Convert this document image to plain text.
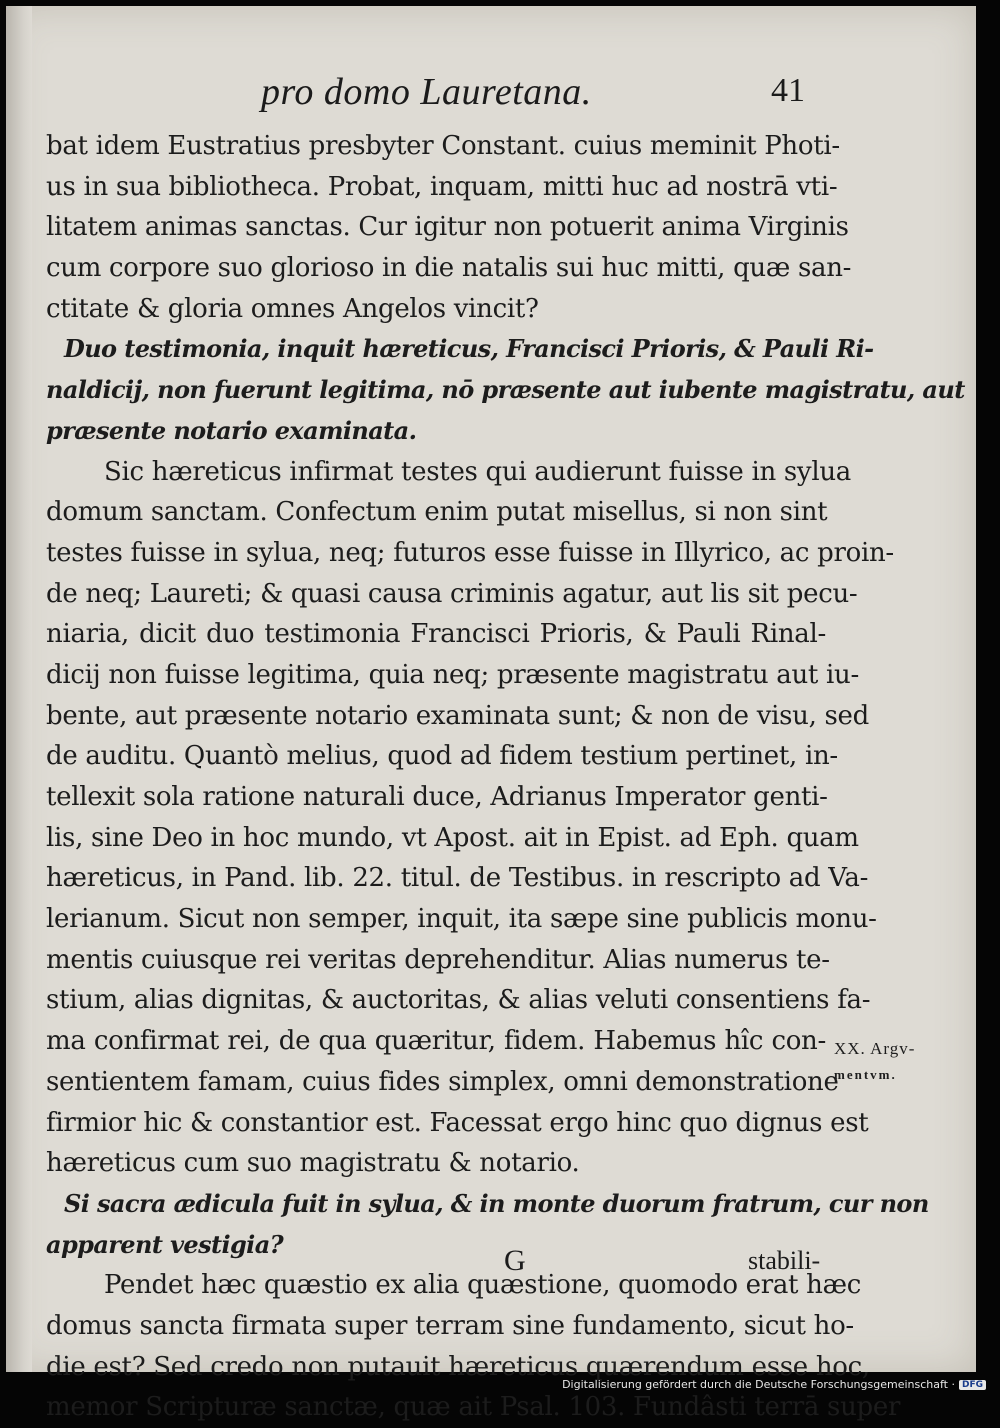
pro domo Lauretana.	41
bat idem Eustratius presbyter Constant. cuius meminit Photi-
us in sua bibliotheca. Probat, inquam, mitti huc ad nostrā vti-
litatem animas sanctas. Cur igitur non potuerit anima Virginis
cum corpore suo glorioso in die natalis sui huc mitti, quæ san-
ctitate & gloria omnes Angelos vincit?
Duo testimonia, inquit hæreticus, Francisci Prioris, & Pauli Ri-
naldicij, non fuerunt legitima, nō præsente aut iubente magistratu, aut
præsente notario examinata.
Sic hæreticus infirmat testes qui audierunt fuisse in sylua
domum sanctam. Confectum enim putat misellus, si non sint
testes fuisse in sylua, neq; futuros esse fuisse in Illyrico, ac proin-
de neq; Laureti; & quasi causa criminis agatur, aut lis sit pecu-
niaria, dicit duo testimonia Francisci Prioris, & Pauli Rinal-
dicij non fuisse legitima, quia neq; præsente magistratu aut iu-
bente, aut præsente notario examinata sunt; & non de visu, sed
de auditu. Quantò melius, quod ad fidem testium pertinet, in-
tellexit sola ratione naturali duce, Adrianus Imperator genti-
lis, sine Deo in hoc mundo, vt Apost. ait in Epist. ad Eph. quam
hæreticus, in Pand. lib. 22. titul. de Testibus. in rescripto ad Va-
lerianum. Sicut non semper, inquit, ita sæpe sine publicis monu-
mentis cuiusque rei veritas deprehenditur. Alias numerus te-
stium, alias dignitas, & auctoritas, & alias veluti consentiens fa-
ma confirmat rei, de qua quæritur, fidem. Habemus hîc con-
sentientem famam, cuius fides simplex, omni demonstratione
firmior hic & constantior est. Facessat ergo hinc quo dignus est
hæreticus cum suo magistratu & notario.
Si sacra ædicula fuit in sylua, & in monte duorum fratrum, cur non
apparent vestigia?
Pendet hæc quæstio ex alia quæstione, quomodo erat hæc
domus sancta firmata super terram sine fundamento, sicut ho-
die est? Sed credo non putauit hæreticus quærendum esse hoc,
memor Scripturæ sanctæ, quæ ait Psal. 103. Fundâsti terrā super
XX. Argv-
mentvm.
G	stabili-
Digitalisierung gefördert durch die Deutsche Forschungsgemeinschaft · DFG
